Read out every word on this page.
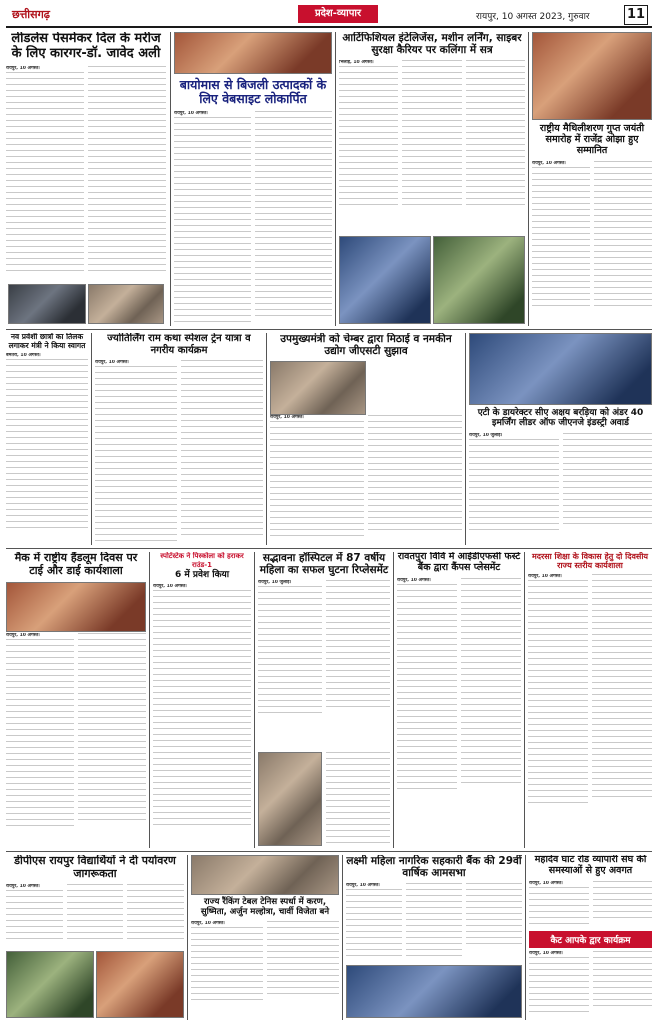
छत्तीसगढ़	प्रदेश-व्यापार	रायपुर, 10 अगस्त 2023, गुरुवार	11
लीडलेस पेसमेकर दिल के मरीज के लिए कारगर-डॉ. जावेद अली
रायपुर, 10 अगस्त।
बायोमास से बिजली उत्पादकों के लिए वेबसाइट लोकार्पित
रायपुर, 10 अगस्त।
आर्टिफिशियल इंटेलिजेंस, मशीन लर्निंग, साइबर सुरक्षा कैरियर पर कलिंगा में सत्र
भिलाई, 10 अगस्त।
राष्ट्रीय मैथिलीशरण गुप्त जयंती समारोह में राजेंद्र ओझा हुए सम्मानित
रायपुर, 10 अगस्त।
नव प्रवेशी छात्रों का तिलक लगाकर मंत्री ने किया स्वागत
बेमेतरा, 10 अगस्त।
ज्योतिर्लिंग राम कथा स्पेशल ट्रेन यात्रा व नगरीय कार्यक्रम
रायपुर, 10 अगस्त।
उपमुख्यमंत्री को चेम्बर द्वारा मिठाई व नमकीन उद्योग जीएसटी सुझाव
रायपुर, 10 अगस्त।	एटी के डायरेक्टर सीए अक्षय बरड़िया को अंडर 40 इमर्जिंग लीडर ऑफ जीएनजे इंडस्ट्री अवार्ड
रायपुर, 10 जुलाई।
मैक में राष्ट्रीय हैंडलूम दिवस पर टाई और डाई कार्यशाला
रायपुर, 10 अगस्त।
स्पोर्टस्टेक ने पिस्कोला को हराकर राउंड-1
6 में प्रवेश किया
रायपुर, 10 अगस्त।
सद्भावना हॉस्पिटल में 87 वर्षीय महिला का सफल घुटना रिप्लेसमेंट
रायपुर, 10 जुलाई।
रावतपुरा विवि में आईडीएफसी फर्स्ट बैंक द्वारा कैंपस प्लेसमेंट
रायपुर, 10 अगस्त।
मदरसा शिक्षा के विकास हेतु दो दिवसीय राज्य स्तरीय कार्यशाला
रायपुर, 10 अगस्त।
डीपीएस रायपुर विद्यार्थियों ने दी पर्यावरण जागरूकता
रायपुर, 10 अगस्त।
राज्य रैंकिंग टेबल टेनिस स्पर्धा में करण, सुष्मिता, अर्जुन मल्होत्रा, चार्वी विजेता बने
रायपुर, 10 अगस्त।
लक्ष्मी महिला नागरिक सहकारी बैंक की 29वीं वार्षिक आमसभा
रायपुर, 10 अगस्त।
महादेव घाट रोड व्यापारी संघ की समस्याओं से हुए अवगत
रायपुर, 10 अगस्त।
कैट आपके द्वार कार्यक्रम
रायपुर, 10 अगस्त।
